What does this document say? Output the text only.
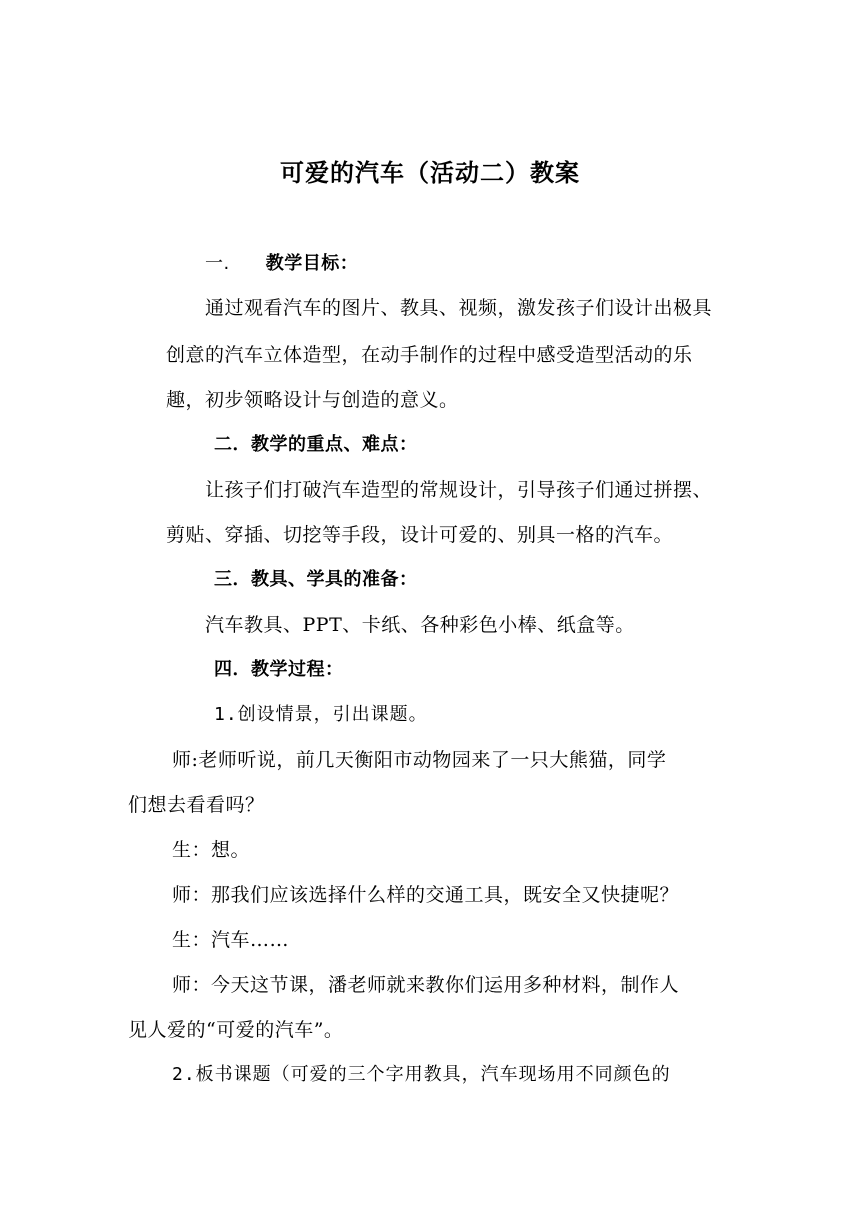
可爱的汽车（活动二）教案
一. 教学目标：
通过观看汽车的图片、教具、视频，激发孩子们设计出极具
创意的汽车立体造型，在动手制作的过程中感受造型活动的乐
趣，初步领略设计与创造的意义。
二．教学的重点、难点：
让孩子们打破汽车造型的常规设计，引导孩子们通过拼摆、
剪贴、穿插、切挖等手段，设计可爱的、别具一格的汽车。
三．教具、学具的准备：
汽车教具、PPT、卡纸、各种彩色小棒、纸盒等。
四．教学过程：
1.创设情景，引出课题。
师:老师听说，前几天衡阳市动物园来了一只大熊猫，同学
们想去看看吗？
生：想。
师：那我们应该选择什么样的交通工具，既安全又快捷呢？
生：汽车……
师：今天这节课，潘老师就来教你们运用多种材料，制作人
见人爱的“可爱的汽车”。
2.板书课题（可爱的三个字用教具，汽车现场用不同颜色的
